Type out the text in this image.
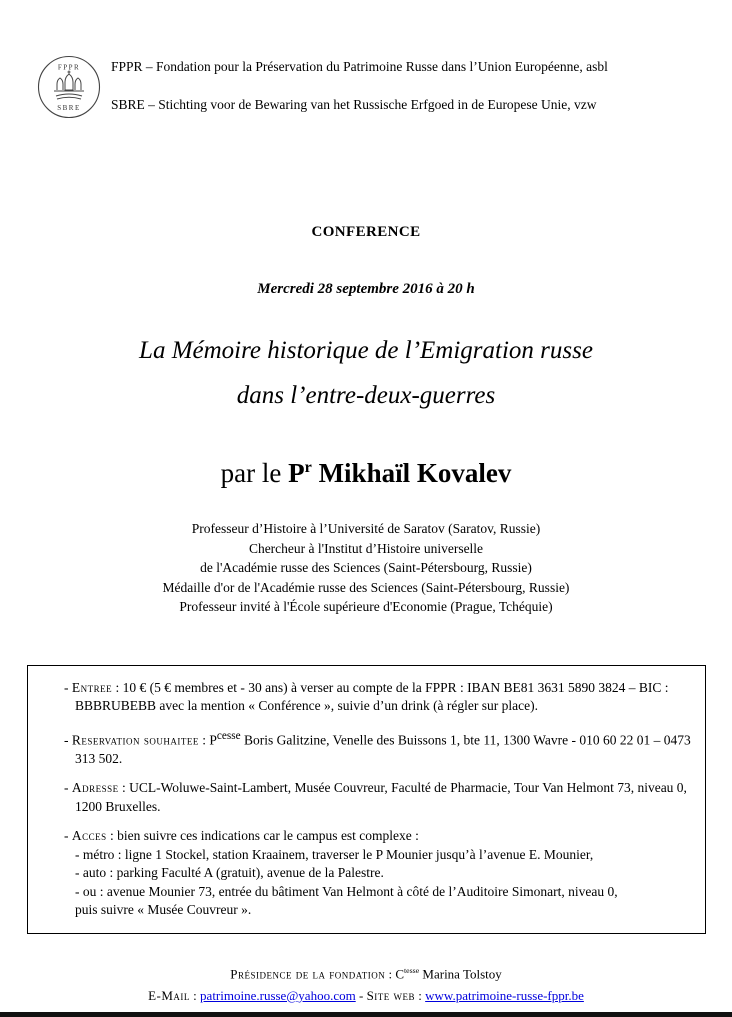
FPPR
SBRE

FPPR – Fondation pour la Préservation du Patrimoine Russe dans l’Union Européenne, asbl

SBRE – Stichting voor de Bewaring van het Russische Erfgoed in de Europese Unie, vzw

CONFERENCE

Mercredi 28 septembre 2016 à 20 h

La Mémoire historique de l’Emigration russe
dans l’entre-deux-guerres

par le $P^r$ Mikhaïl Kovalev

Professeur d’Histoire à l’Université de Saratov (Saratov, Russie)

Chercheur à l'Institut d’Histoire universelle

de l'Académie russe des Sciences (Saint-Pétersbourg, Russie)

Médaille d'or de l'Académie russe des Sciences (Saint-Pétersbourg, Russie)

Professeur invité à l'École supérieure d'Economie (Prague, Tchéquie)

- Entree : 10 € (5 € membres et - 30 ans) à verser au compte de la FPPR : IBAN BE81 3631 5890 3824 – BIC : BBBRUBEBB avec la mention « Conférence », suivie d’un drink (à régler sur place).

- Reservation souhaitee : $P^{cesse}$ Boris Galitzine, Venelle des Buissons 1, bte 11, 1300 Wavre - 010 60 22 01 – 0473 313 502.

- Adresse : UCL-Woluwe-Saint-Lambert, Musée Couvreur, Faculté de Pharmacie, Tour Van Helmont 73, niveau 0, 1200 Bruxelles.

- Acces : bien suivre ces indications car le campus est complexe :

- métro : ligne 1 Stockel, station Kraainem, traverser le P Mounier jusqu’à l’avenue E. Mounier,

- auto : parking Faculté A (gratuit), avenue de la Palestre.

- ou : avenue Mounier 73, entrée du bâtiment Van Helmont à côté de l’Auditoire Simonart, niveau 0,

puis suivre « Musée Couvreur ».

Présidence de la fondation : $C^{tesse}$ Marina Tolstoy

E-Mail : patrimoine.russe@yahoo.com - Site web : www.patrimoine-russe-fppr.be
